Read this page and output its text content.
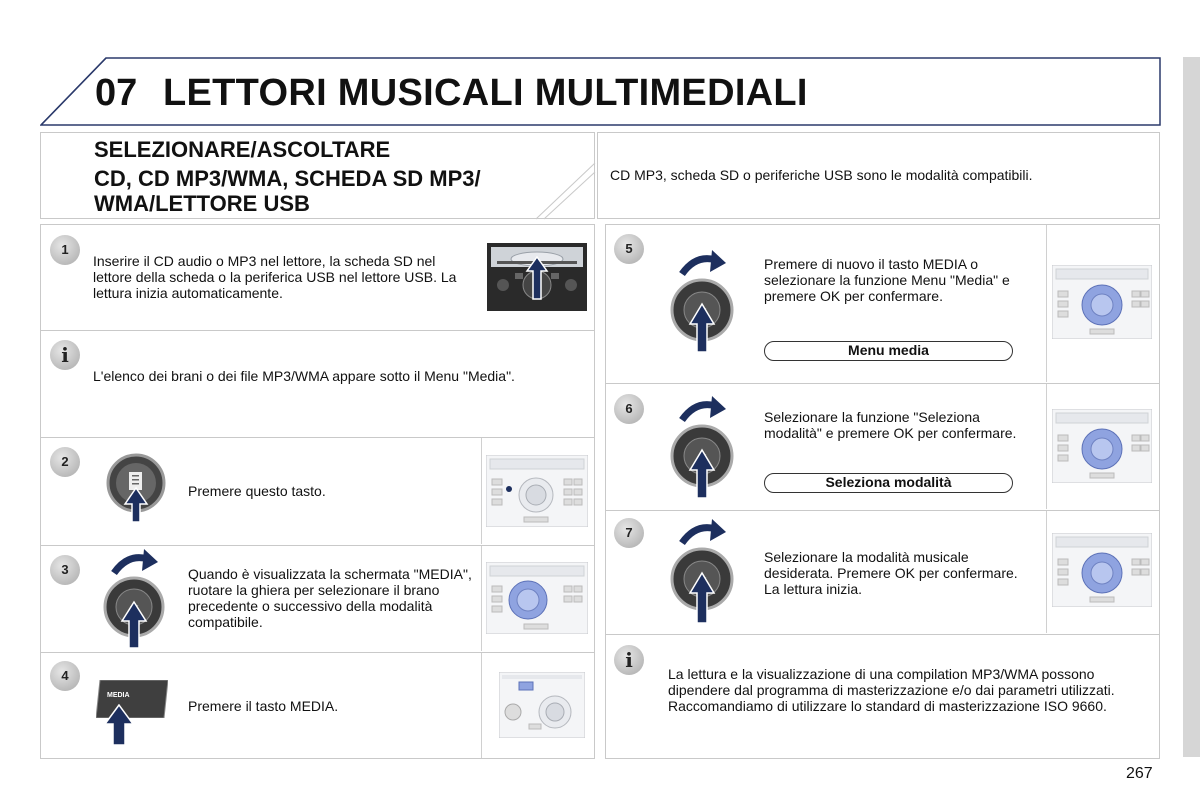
07 LETTORI MUSICALI MULTIMEDIALI
SELEZIONARE/ASCOLTARE
CD, CD MP3/WMA, SCHEDA SD MP3/ WMA/LETTORE USB
CD MP3, scheda SD o periferiche USB sono le modalità compatibili.
1
Inserire il CD audio o MP3 nel lettore, la scheda SD nel lettore della scheda o la periferica USB nel lettore USB. La lettura inizia automaticamente.
i
L'elenco dei brani o dei file MP3/WMA appare sotto il Menu "Media".
2
Premere questo tasto.
3	Quando è visualizzata la schermata "MEDIA", ruotare la ghiera per selezionare il brano precedente o successivo della modalità compatibile.
4
MEDIA
Premere il tasto MEDIA.
5
Premere di nuovo il tasto MEDIA o selezionare la funzione Menu "Media" e premere OK per confermare.
Menu media
6
Selezionare la funzione "Seleziona modalità" e premere OK per confermare.
Seleziona modalità
7
Selezionare la modalità musicale desiderata. Premere OK per confermare. La lettura inizia.
i
La lettura e la visualizzazione di una compilation MP3/WMA possono dipendere dal programma di masterizzazione e/o dai parametri utilizzati. Raccomandiamo di utilizzare lo standard di masterizzazione ISO 9660.
267
